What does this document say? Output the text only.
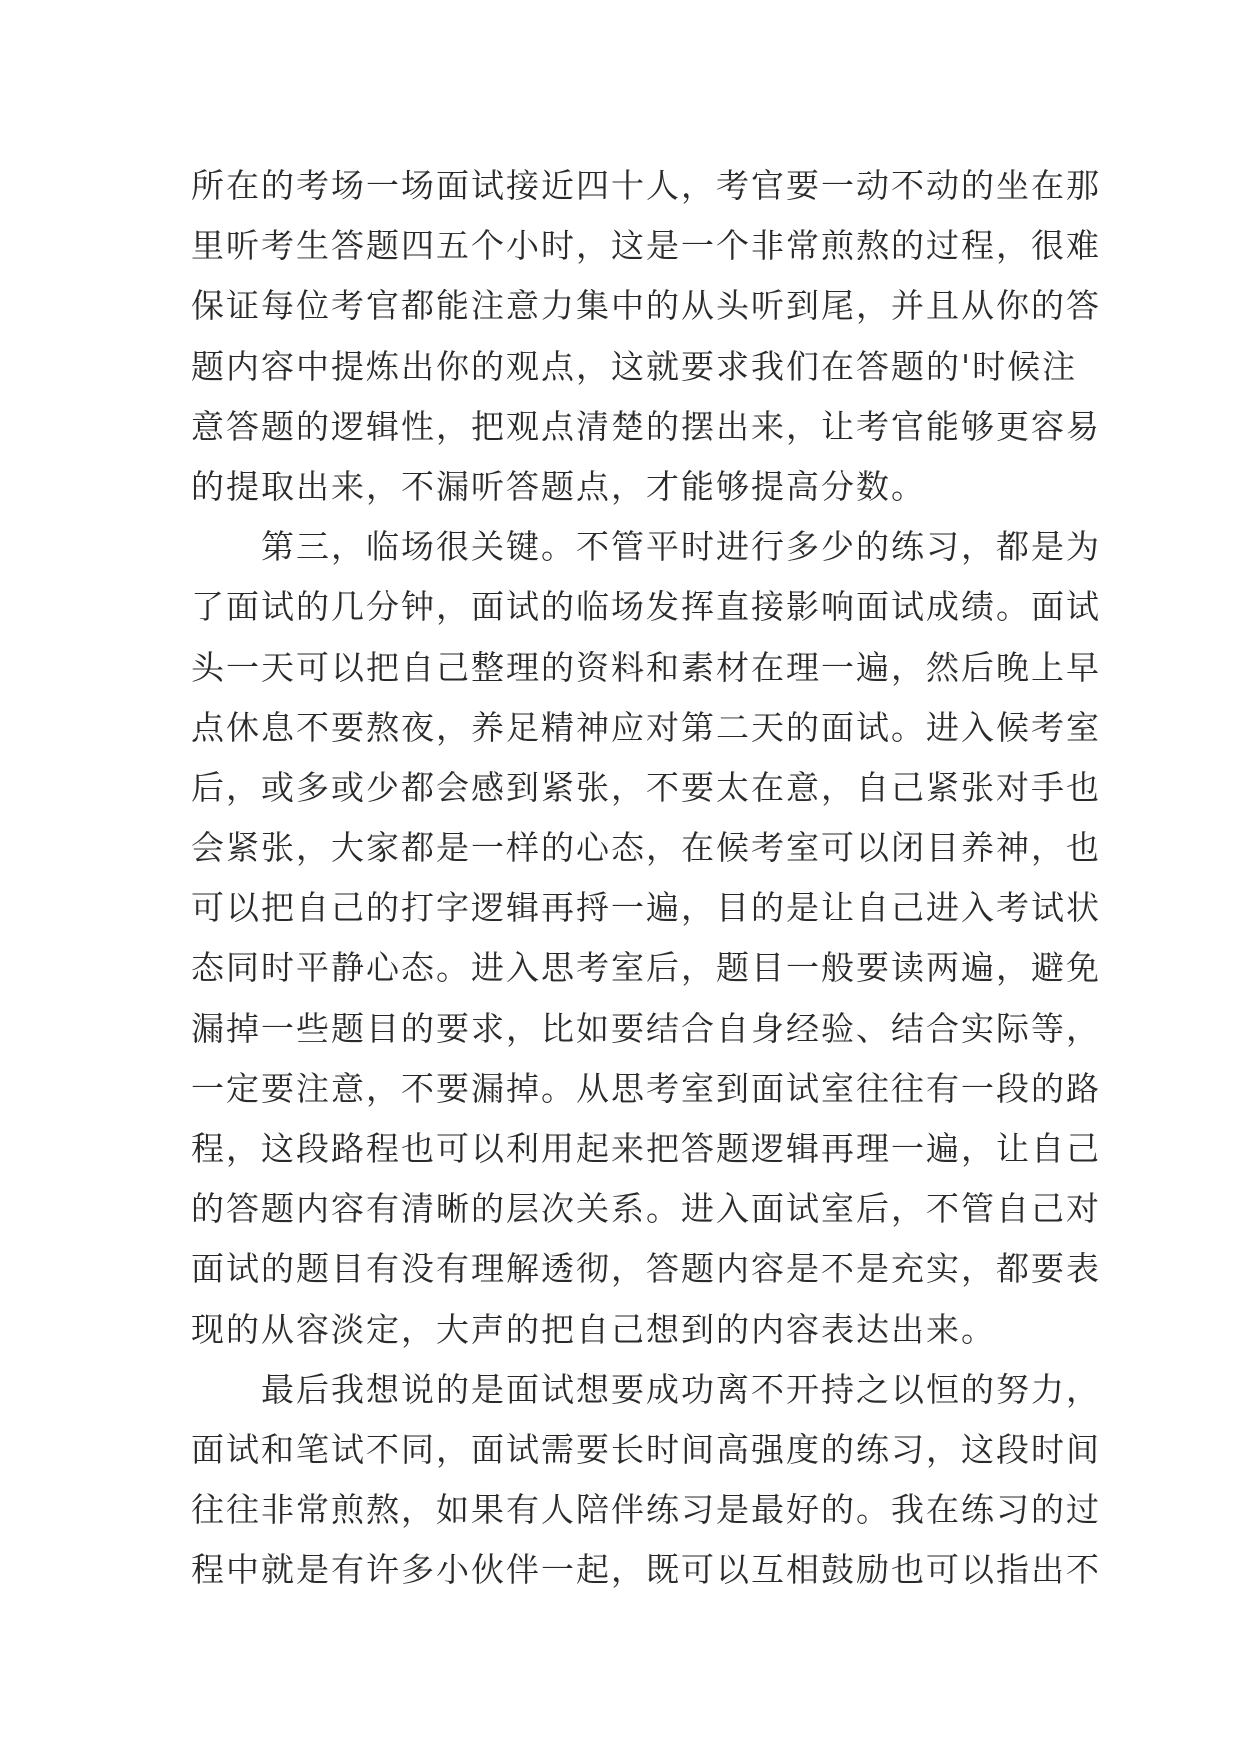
所在的考场一场面试接近四十人，考官要一动不动的坐在那
里听考生答题四五个小时，这是一个非常煎熬的过程，很难
保证每位考官都能注意力集中的从头听到尾，并且从你的答
题内容中提炼出你的观点，这就要求我们在答题的'时候注
意答题的逻辑性，把观点清楚的摆出来，让考官能够更容易
的提取出来，不漏听答题点，才能够提高分数。
　　第三，临场很关键。不管平时进行多少的练习，都是为
了面试的几分钟，面试的临场发挥直接影响面试成绩。面试
头一天可以把自己整理的资料和素材在理一遍，然后晚上早
点休息不要熬夜，养足精神应对第二天的面试。进入候考室
后，或多或少都会感到紧张，不要太在意，自己紧张对手也
会紧张，大家都是一样的心态，在候考室可以闭目养神，也
可以把自己的打字逻辑再捋一遍，目的是让自己进入考试状
态同时平静心态。进入思考室后，题目一般要读两遍，避免
漏掉一些题目的要求，比如要结合自身经验、结合实际等，
一定要注意，不要漏掉。从思考室到面试室往往有一段的路
程，这段路程也可以利用起来把答题逻辑再理一遍，让自己
的答题内容有清晰的层次关系。进入面试室后，不管自己对
面试的题目有没有理解透彻，答题内容是不是充实，都要表
现的从容淡定，大声的把自己想到的内容表达出来。
　　最后我想说的是面试想要成功离不开持之以恒的努力，
面试和笔试不同，面试需要长时间高强度的练习，这段时间
往往非常煎熬，如果有人陪伴练习是最好的。我在练习的过
程中就是有许多小伙伴一起，既可以互相鼓励也可以指出不
